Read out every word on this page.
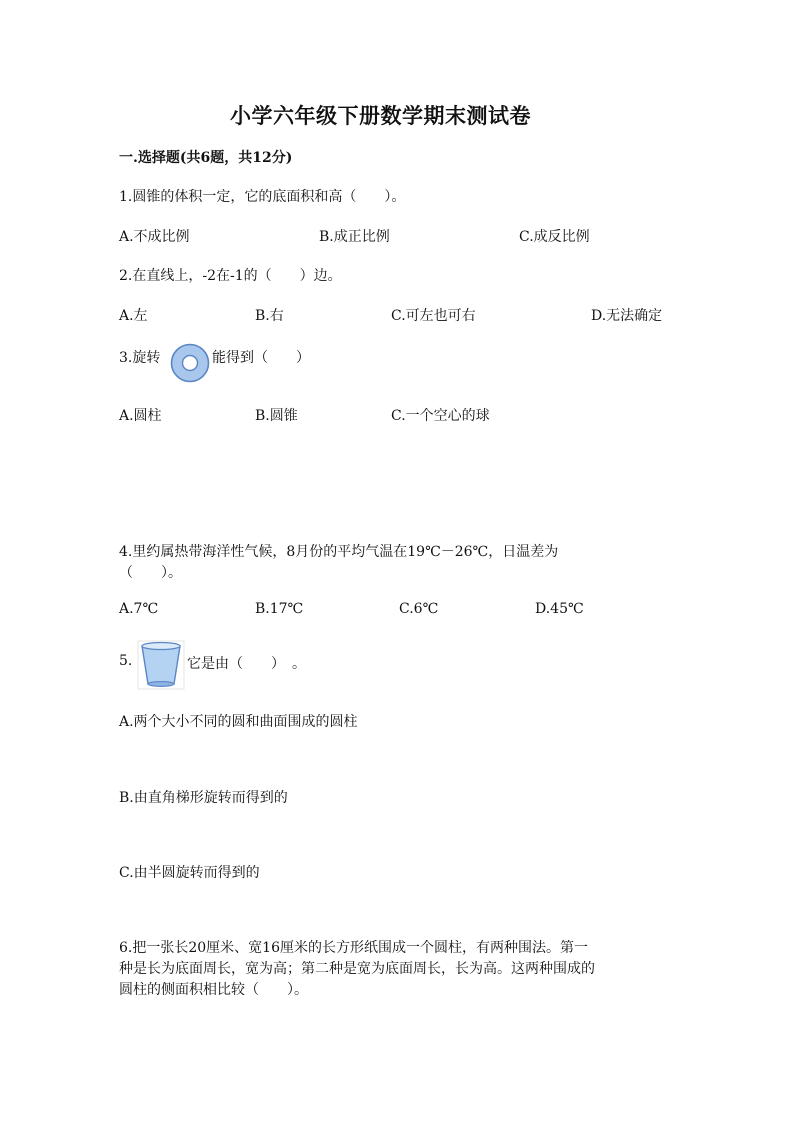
小学六年级下册数学期末测试卷
一.选择题(共6题，共12分)
1.圆锥的体积一定，它的底面积和高（　　）。
A.不成比例	B.成正比例	C.成反比例
2.在直线上，-2在-1的（　　）边。
A.左	B.右	C.可左也可右	D.无法确定
3.旋转	能得到（　　）
A.圆柱	B.圆锥	C.一个空心的球
4.里约属热带海洋性气候，8月份的平均气温在19℃－26℃，日温差为
（　　）。
A.7℃	B.17℃	C.6℃	D.45℃
5.	它是由（　　）　。
A.两个大小不同的圆和曲面围成的圆柱
B.由直角梯形旋转而得到的
C.由半圆旋转而得到的
6.把一张长20厘米、宽16厘米的长方形纸围成一个圆柱，有两种围法。第一
种是长为底面周长，宽为高；第二种是宽为底面周长，长为高。这两种围成的
圆柱的侧面积相比较（　　）。
